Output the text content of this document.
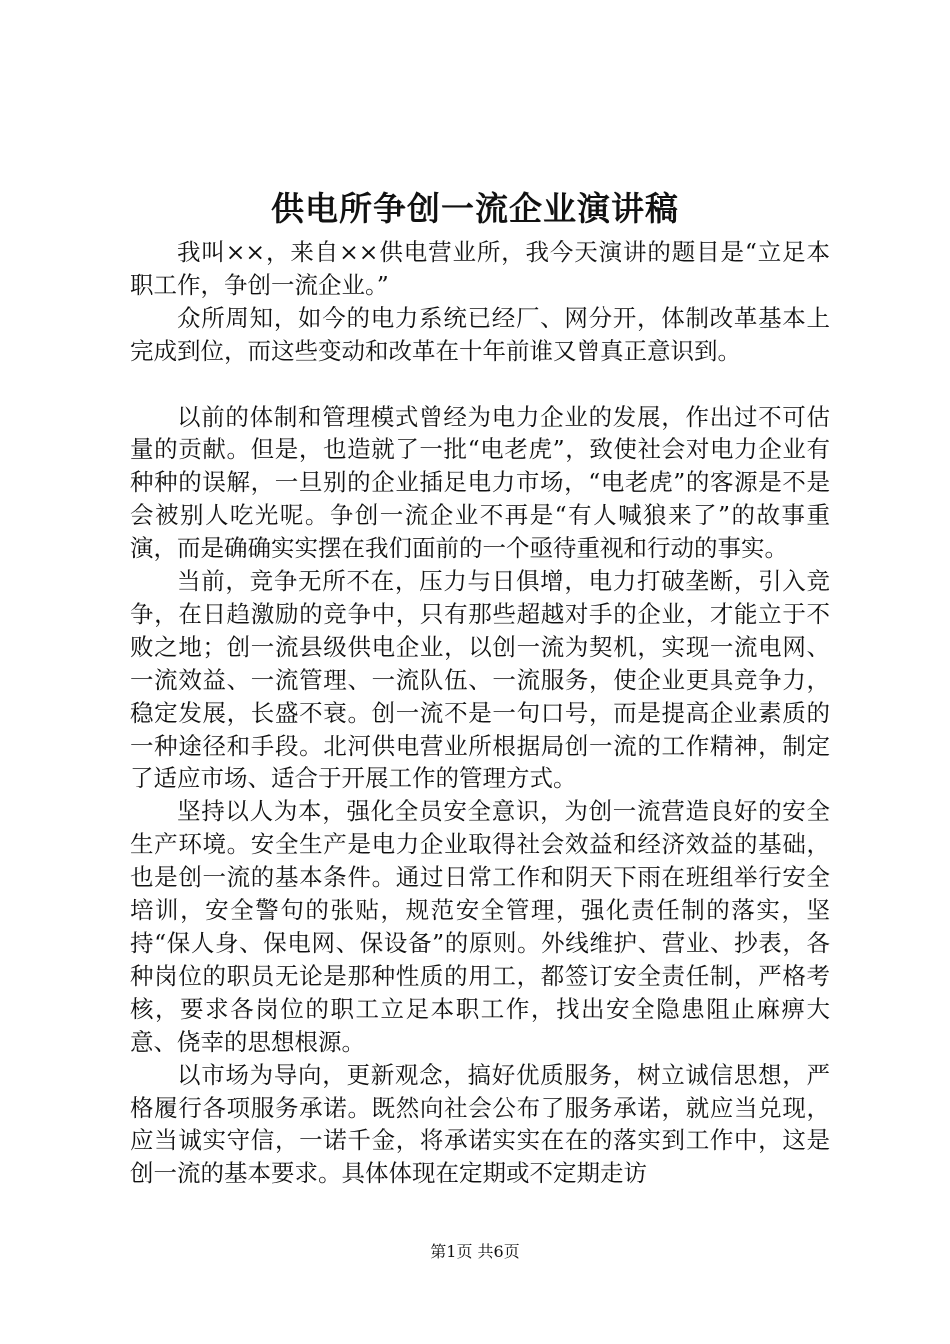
供电所争创一流企业演讲稿

我叫××，来自××供电营业所，我今天演讲的题目是“立足本职工作，争创一流企业。”

众所周知，如今的电力系统已经厂、网分开，体制改革基本上完成到位，而这些变动和改革在十年前谁又曾真正意识到。

以前的体制和管理模式曾经为电力企业的发展，作出过不可估量的贡献。但是，也造就了一批“电老虎”，致使社会对电力企业有种种的误解，一旦别的企业插足电力市场，“电老虎”的客源是不是会被别人吃光呢。争创一流企业不再是“有人喊狼来了”的故事重演，而是确确实实摆在我们面前的一个亟待重视和行动的事实。

当前，竞争无所不在，压力与日俱增，电力打破垄断，引入竞争，在日趋激励的竞争中，只有那些超越对手的企业，才能立于不败之地；创一流县级供电企业，以创一流为契机，实现一流电网、一流效益、一流管理、一流队伍、一流服务，使企业更具竞争力，稳定发展，长盛不衰。创一流不是一句口号，而是提高企业素质的一种途径和手段。北河供电营业所根据局创一流的工作精神，制定了适应市场、适合于开展工作的管理方式。

坚持以人为本，强化全员安全意识，为创一流营造良好的安全生产环境。安全生产是电力企业取得社会效益和经济效益的基础，也是创一流的基本条件。通过日常工作和阴天下雨在班组举行安全培训，安全警句的张贴，规范安全管理，强化责任制的落实，坚持“保人身、保电网、保设备”的原则。外线维护、营业、抄表，各种岗位的职员无论是那种性质的用工，都签订安全责任制，严格考核，要求各岗位的职工立足本职工作，找出安全隐患阻止麻痹大意、侥幸的思想根源。

以市场为导向，更新观念，搞好优质服务，树立诚信思想，严格履行各项服务承诺。既然向社会公布了服务承诺，就应当兑现，应当诚实守信，一诺千金，将承诺实实在在的落实到工作中，这是创一流的基本要求。具体体现在定期或不定期走访

第1页 共6页
